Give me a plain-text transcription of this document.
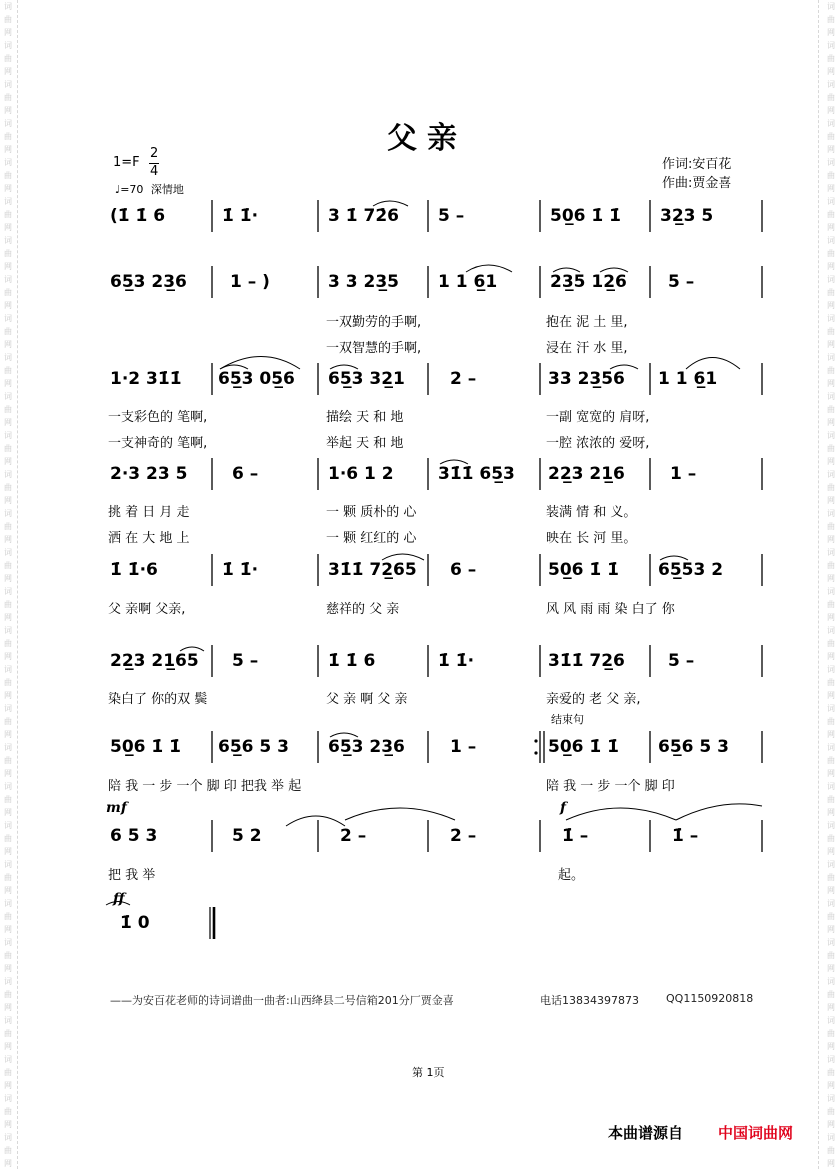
词曲网 词曲网 词曲网 词曲网 词曲网 词曲网 词曲网 词曲网 词曲网 词曲网 词曲网 词曲网 词曲网 词曲网 词曲网 词曲网 词曲网 词曲网 词曲网 词曲网 词曲网 词曲网 词曲网 词曲网 词曲网 词曲网 词曲网 词曲网 词曲网 词曲网
词曲网 词曲网 词曲网 词曲网 词曲网 词曲网 词曲网 词曲网 词曲网 词曲网 词曲网 词曲网 词曲网 词曲网 词曲网 词曲网 词曲网 词曲网 词曲网 词曲网 词曲网 词曲网 词曲网 词曲网 词曲网 词曲网 词曲网 词曲网 词曲网 词曲网
父亲
1=F
2
4
♩=70 深情地
作词:安百花
作曲:贾金喜
(1̇ 1̇ 6	1̇ 1̇·	3 1̇ 72̇6 5 –	50̲6 1̇ 1̇ 32̲3 5
65̲3 23̲6	1 – )	3 3 23̲5 1 1 6̲1	23̲5 12̲6 5 –
一双勤劳的手啊,	抱在 泥 土 里,
一双智慧的手啊,	浸在 汗 水 里,
1·2 31̇1̇ 65̲3 05̲6 65̲3 32̲1	2 –	33 23̲56 1 1 6̲1
一支彩色的 笔啊,	描绘 天 和 地	一副 宽宽的 肩呀,
一支神奇的 笔啊,	举起 天 和 地	一腔 浓浓的 爱呀,
2·3 23 5	6 –	1·6 1 2	31̇1̇ 65̲3 22̲3 21̲6	1 –
挑 着 日 月 走	一 颗 质朴的 心	装满 情 和 义。
洒 在 大 地 上	一 颗 红红的 心	映在 长 河 里。
1̇ 1̇·6	1̇ 1̇·	31̇1̇ 72̲65 6 –	50̲6 1̇ 1̇ 65̲53 2
父 亲啊 父亲,	慈祥的 父 亲	风 风 雨 雨 染 白了 你
22̲3 21̲65 5 –	1̇ 1̇ 6	1̇ 1̇·	31̇1̇ 72̲6	5 –
染白了 你的双 鬓	父 亲 啊 父 亲	亲爱的 老 父 亲,
结束句
50̲6 1̇ 1̇ 65̲6 5 3 65̲3 23̲6	1 –	50̲6 1̇ 1̇ 65̲6 5 3
陪 我 一 步 一个 脚 印 把我 举 起	陪 我 一 步 一个 脚 印
mf	f
6 5 3	5 2	2 –	2 –	1̇ –	1̇ –
把 我 举	起。
ff
1̇ 0
——为安百花老师的诗词谱曲一曲者:山西绛县二号信箱201分厂贾金喜	电话13834397873 QQ1150920818
第 1页
本曲谱源自 中国词曲网
